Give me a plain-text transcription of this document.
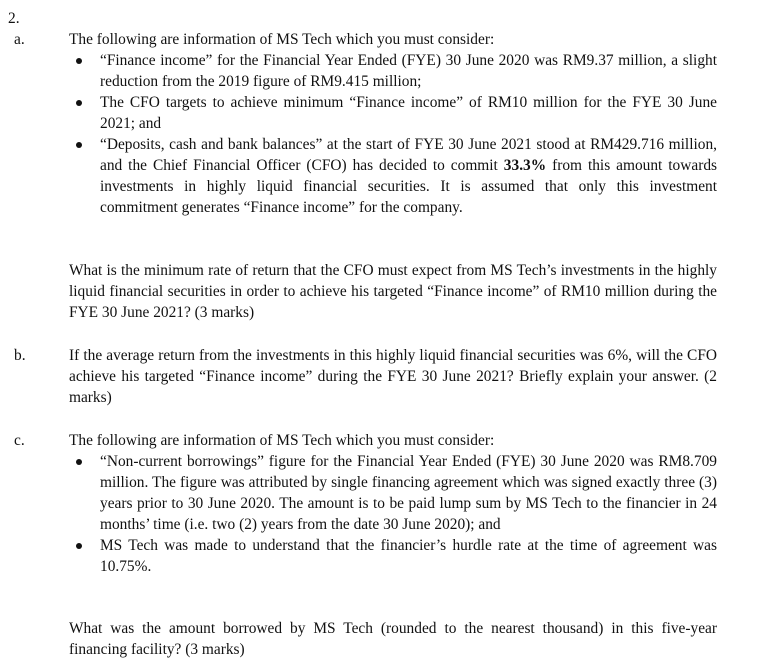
2.
a.	The following are information of MS Tech which you must consider:

“Finance income” for the Financial Year Ended (FYE) 30 June 2020 was RM9.37 million, a slight reduction from the 2019 figure of RM9.415 million;
The CFO targets to achieve minimum “Finance income” of RM10 million for the FYE 30 June 2021; and
“Deposits, cash and bank balances” at the start of FYE 30 June 2021 stood at RM429.716 million, and the Chief Financial Officer (CFO) has decided to commit 33.3% from this amount towards investments in highly liquid financial securities. It is assumed that only this investment commitment generates “Finance income” for the company.

What is the minimum rate of return that the CFO must expect from MS Tech’s investments in the highly liquid financial securities in order to achieve his targeted “Finance income” of RM10 million during the FYE 30 June 2021? (3 marks)

b.	If the average return from the investments in this highly liquid financial securities was 6%, will the CFO achieve his targeted “Finance income” during the FYE 30 June 2021? Briefly explain your answer. (2 marks)

c.	The following are information of MS Tech which you must consider:

“Non-current borrowings” figure for the Financial Year Ended (FYE) 30 June 2020 was RM8.709 million. The figure was attributed by single financing agreement which was signed exactly three (3) years prior to 30 June 2020. The amount is to be paid lump sum by MS Tech to the financier in 24 months’ time (i.e. two (2) years from the date 30 June 2020); and
MS Tech was made to understand that the financier’s hurdle rate at the time of agreement was 10.75%.

What was the amount borrowed by MS Tech (rounded to the nearest thousand) in this five-year financing facility? (3 marks)
